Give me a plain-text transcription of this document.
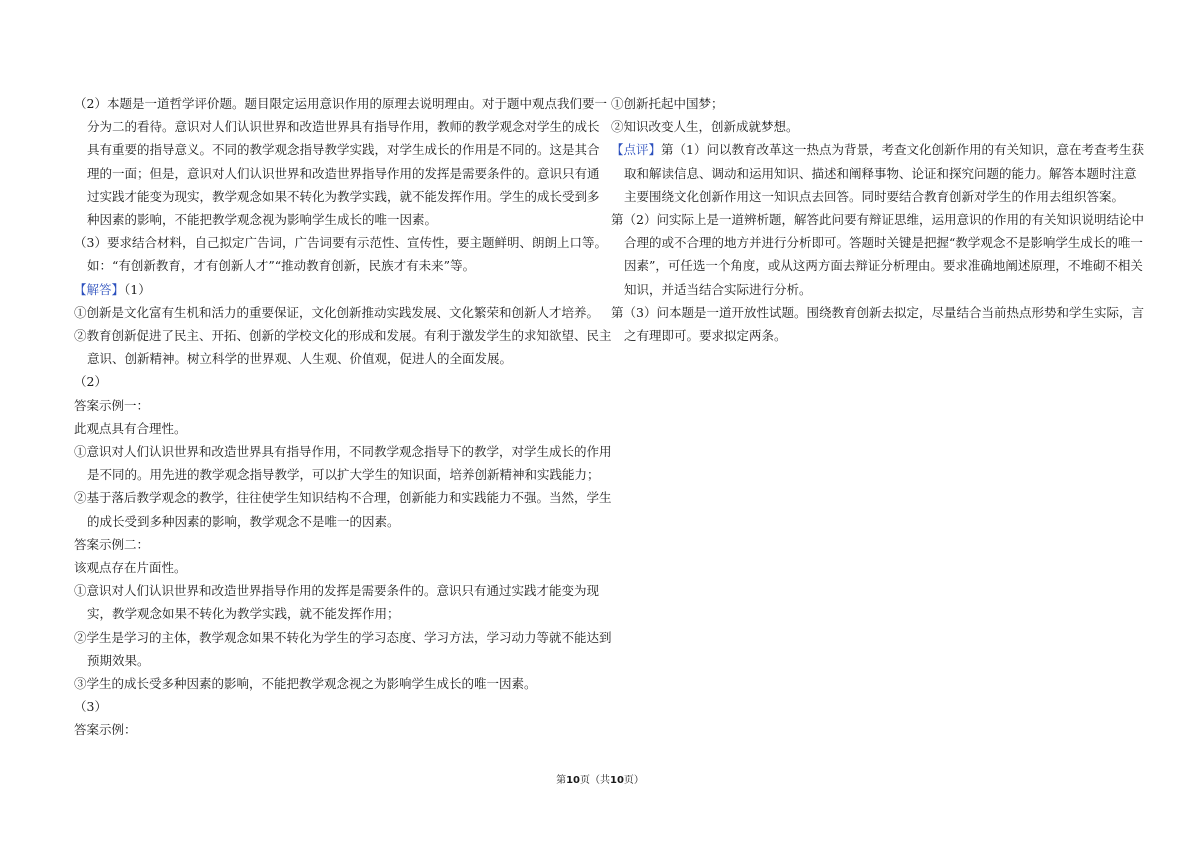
（2）本题是一道哲学评价题。题目限定运用意识作用的原理去说明理由。对于题中观点我们要一
分为二的看待。意识对人们认识世界和改造世界具有指导作用，教师的教学观念对学生的成长
具有重要的指导意义。不同的教学观念指导教学实践，对学生成长的作用是不同的。这是其合
理的一面；但是，意识对人们认识世界和改造世界指导作用的发挥是需要条件的。意识只有通
过实践才能变为现实，教学观念如果不转化为教学实践，就不能发挥作用。学生的成长受到多
种因素的影响，不能把教学观念视为影响学生成长的唯一因素。
（3）要求结合材料，自己拟定广告词，广告词要有示范性、宣传性，要主题鲜明、朗朗上口等。
如：“有创新教育，才有创新人才”“推动教育创新，民族才有未来”等。
【解答】（1）
①创新是文化富有生机和活力的重要保证，文化创新推动实践发展、文化繁荣和创新人才培养。
②教育创新促进了民主、开拓、创新的学校文化的形成和发展。有利于激发学生的求知欲望、民主
意识、创新精神。树立科学的世界观、人生观、价值观，促进人的全面发展。
（2）
答案示例一：
此观点具有合理性。
①意识对人们认识世界和改造世界具有指导作用，不同教学观念指导下的教学，对学生成长的作用
是不同的。用先进的教学观念指导教学，可以扩大学生的知识面，培养创新精神和实践能力；
②基于落后教学观念的教学，往往使学生知识结构不合理，创新能力和实践能力不强。当然，学生
的成长受到多种因素的影响，教学观念不是唯一的因素。
答案示例二：
该观点存在片面性。
①意识对人们认识世界和改造世界指导作用的发挥是需要条件的。意识只有通过实践才能变为现
实，教学观念如果不转化为教学实践，就不能发挥作用；
②学生是学习的主体，教学观念如果不转化为学生的学习态度、学习方法，学习动力等就不能达到
预期效果。
③学生的成长受多种因素的影响，不能把教学观念视之为影响学生成长的唯一因素。
（3）
答案示例：
①创新托起中国梦；
②知识改变人生，创新成就梦想。
【点评】第（1）问以教育改革这一热点为背景，考查文化创新作用的有关知识，意在考查考生获
取和解读信息、调动和运用知识、描述和阐释事物、论证和探究问题的能力。解答本题时注意
主要围绕文化创新作用这一知识点去回答。同时要结合教育创新对学生的作用去组织答案。
第（2）问实际上是一道辨析题，解答此问要有辩证思维，运用意识的作用的有关知识说明结论中
合理的或不合理的地方并进行分析即可。答题时关键是把握“教学观念不是影响学生成长的唯一
因素”，可任选一个角度，或从这两方面去辩证分析理由。要求准确地阐述原理，不堆砌不相关
知识，并适当结合实际进行分析。
第（3）问本题是一道开放性试题。围绕教育创新去拟定，尽量结合当前热点形势和学生实际，言
之有理即可。要求拟定两条。
第10页（共10页）
